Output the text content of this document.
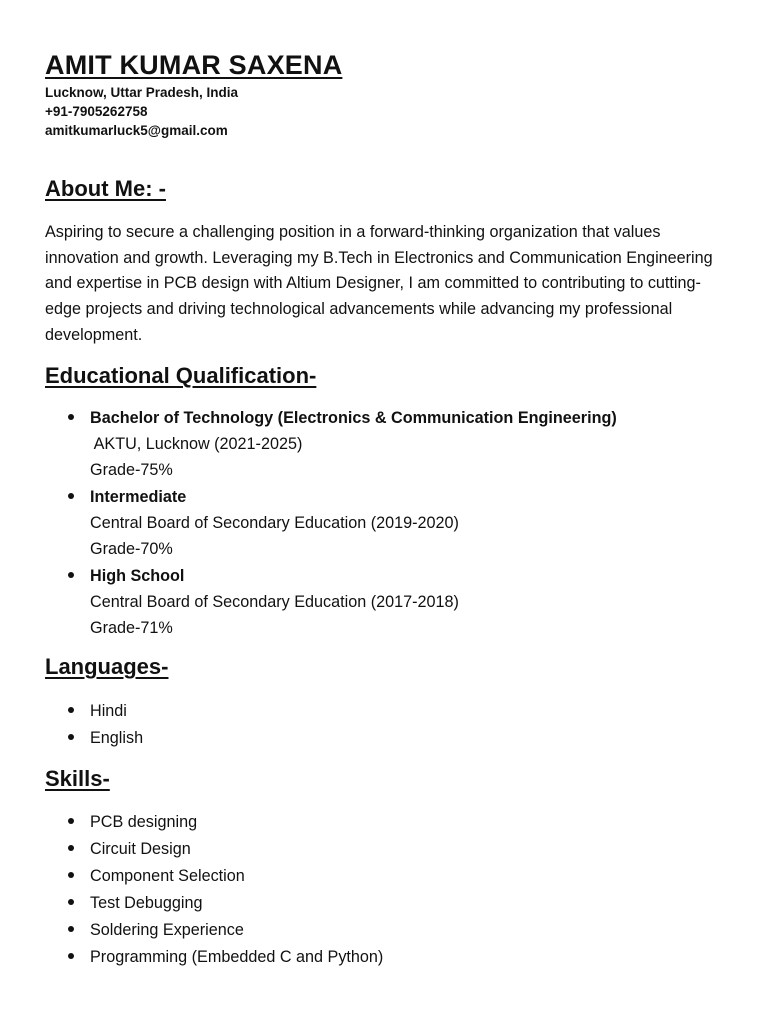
AMIT KUMAR SAXENA
Lucknow, Uttar Pradesh, India
+91-7905262758
amitkumarluck5@gmail.com
About Me: -

Aspiring to secure a challenging position in a forward-thinking organization that values innovation and growth. Leveraging my B.Tech in Electronics and Communication Engineering and expertise in PCB design with Altium Designer, I am committed to contributing to cutting-edge projects and driving technological advancements while advancing my professional development.

Educational Qualification-
Bachelor of Technology (Electronics & Communication Engineering)
AKTU, Lucknow (2021-2025)
Grade-75%
Intermediate
Central Board of Secondary Education (2019-2020)
Grade-70%
High School
Central Board of Secondary Education (2017-2018)
Grade-71%
Languages-
Hindi
English
Skills-
PCB designing
Circuit Design
Component Selection
Test Debugging
Soldering Experience
Programming (Embedded C and Python)
